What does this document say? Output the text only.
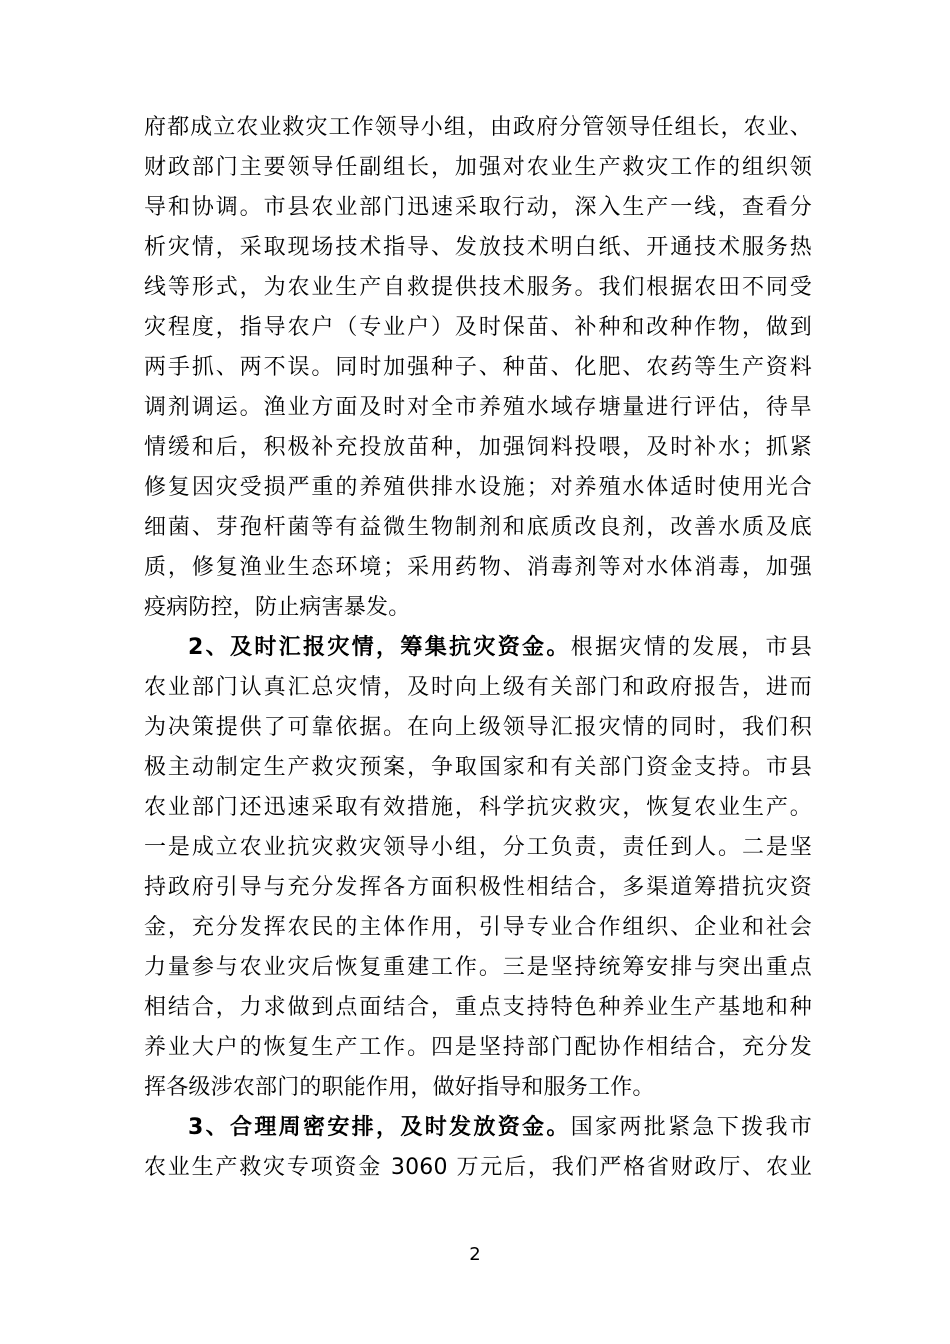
府都成立农业救灾工作领导小组，由政府分管领导任组长，农业、
财政部门主要领导任副组长，加强对农业生产救灾工作的组织领
导和协调。市县农业部门迅速采取行动，深入生产一线，查看分
析灾情，采取现场技术指导、发放技术明白纸、开通技术服务热
线等形式，为农业生产自救提供技术服务。我们根据农田不同受
灾程度，指导农户（专业户）及时保苗、补种和改种作物，做到
两手抓、两不误。同时加强种子、种苗、化肥、农药等生产资料
调剂调运。渔业方面及时对全市养殖水域存塘量进行评估，待旱
情缓和后，积极补充投放苗种，加强饲料投喂，及时补水；抓紧
修复因灾受损严重的养殖供排水设施；对养殖水体适时使用光合
细菌、芽孢杆菌等有益微生物制剂和底质改良剂，改善水质及底
质，修复渔业生态环境；采用药物、消毒剂等对水体消毒，加强
疫病防控，防止病害暴发。
2、及时汇报灾情，筹集抗灾资金。根据灾情的发展，市县
农业部门认真汇总灾情，及时向上级有关部门和政府报告，进而
为决策提供了可靠依据。在向上级领导汇报灾情的同时，我们积
极主动制定生产救灾预案，争取国家和有关部门资金支持。市县
农业部门还迅速采取有效措施，科学抗灾救灾，恢复农业生产。
一是成立农业抗灾救灾领导小组，分工负责，责任到人。二是坚
持政府引导与充分发挥各方面积极性相结合，多渠道筹措抗灾资
金，充分发挥农民的主体作用，引导专业合作组织、企业和社会
力量参与农业灾后恢复重建工作。三是坚持统筹安排与突出重点
相结合，力求做到点面结合，重点支持特色种养业生产基地和种
养业大户的恢复生产工作。四是坚持部门配协作相结合，充分发
挥各级涉农部门的职能作用，做好指导和服务工作。
3、合理周密安排，及时发放资金。国家两批紧急下拨我市
农业生产救灾专项资金 3060 万元后，我们严格省财政厅、农业
2
